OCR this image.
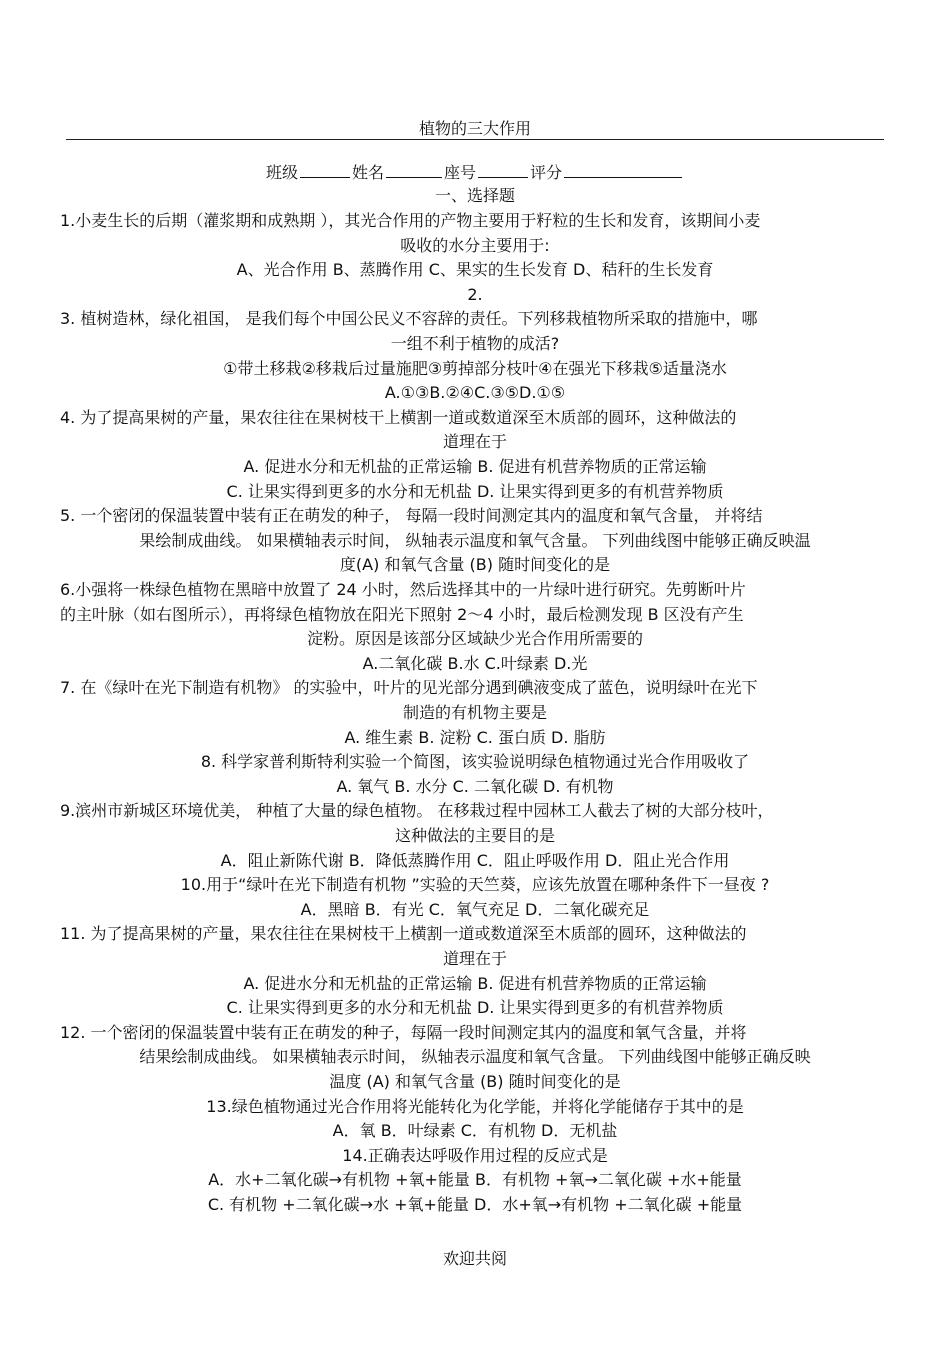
植物的三大作用
班级	姓名	座号	评分
一、选择题
1.小麦生长的后期（灌浆期和成熟期 ），其光合作用的产物主要用于籽粒的生长和发育，该期间小麦
吸收的水分主要用于:
A、光合作用 B、蒸腾作用 C、果实的生长发育 D、秸秆的生长发育
2.
3. 植树造林，绿化祖国， 是我们每个中国公民义不容辞的责任。下列移栽植物所采取的措施中，哪
一组不利于植物的成活?
①带土移栽②移栽后过量施肥③剪掉部分枝叶④在强光下移栽⑤适量浇水
A.①③B.②④C.③⑤D.①⑤
4. 为了提高果树的产量，果农往往在果树枝干上横割一道或数道深至木质部的圆环，这种做法的
道理在于
A. 促进水分和无机盐的正常运输 B. 促进有机营养物质的正常运输
C. 让果实得到更多的水分和无机盐 D. 让果实得到更多的有机营养物质
5. 一个密闭的保温装置中装有正在萌发的种子， 每隔一段时间测定其内的温度和氧气含量， 并将结
果绘制成曲线。 如果横轴表示时间， 纵轴表示温度和氧气含量。 下列曲线图中能够正确反映温
度(A) 和氧气含量 (B) 随时间变化的是
6.小强将一株绿色植物在黑暗中放置了 24 小时，然后选择其中的一片绿叶进行研究。先剪断叶片
的主叶脉（如右图所示），再将绿色植物放在阳光下照射 2～4 小时，最后检测发现 B 区没有产生
淀粉。原因是该部分区域缺少光合作用所需要的
A.二氧化碳 B.水 C.叶绿素 D.光
7. 在《绿叶在光下制造有机物》 的实验中，叶片的见光部分遇到碘液变成了蓝色，说明绿叶在光下
制造的有机物主要是
A. 维生素 B. 淀粉 C. 蛋白质 D. 脂肪
8. 科学家普利斯特利实验一个简图，该实验说明绿色植物通过光合作用吸收了
A. 氧气 B. 水分 C. 二氧化碳 D. 有机物
9.滨州市新城区环境优美， 种植了大量的绿色植物。 在移栽过程中园林工人截去了树的大部分枝叶，
这种做法的主要目的是
A．阻止新陈代谢 B．降低蒸腾作用 C．阻止呼吸作用 D．阻止光合作用
10.用于“绿叶在光下制造有机物 ”实验的天竺葵，应该先放置在哪种条件下一昼夜 ?
A．黑暗 B．有光 C．氧气充足 D．二氧化碳充足
11. 为了提高果树的产量，果农往往在果树枝干上横割一道或数道深至木质部的圆环，这种做法的
道理在于
A. 促进水分和无机盐的正常运输 B. 促进有机营养物质的正常运输
C. 让果实得到更多的水分和无机盐 D. 让果实得到更多的有机营养物质
12. 一个密闭的保温装置中装有正在萌发的种子，每隔一段时间测定其内的温度和氧气含量，并将
结果绘制成曲线。 如果横轴表示时间， 纵轴表示温度和氧气含量。 下列曲线图中能够正确反映
温度 (A) 和氧气含量 (B) 随时间变化的是
13.绿色植物通过光合作用将光能转化为化学能，并将化学能储存于其中的是
A．氧 B．叶绿素 C．有机物 D．无机盐
14.正确表达呼吸作用过程的反应式是
A．水+二氧化碳→有机物 +氧+能量 B．有机物 +氧→二氧化碳 +水+能量
C. 有机物 +二氧化碳→水 +氧+能量 D．水+氧→有机物 +二氧化碳 +能量
欢迎共阅
